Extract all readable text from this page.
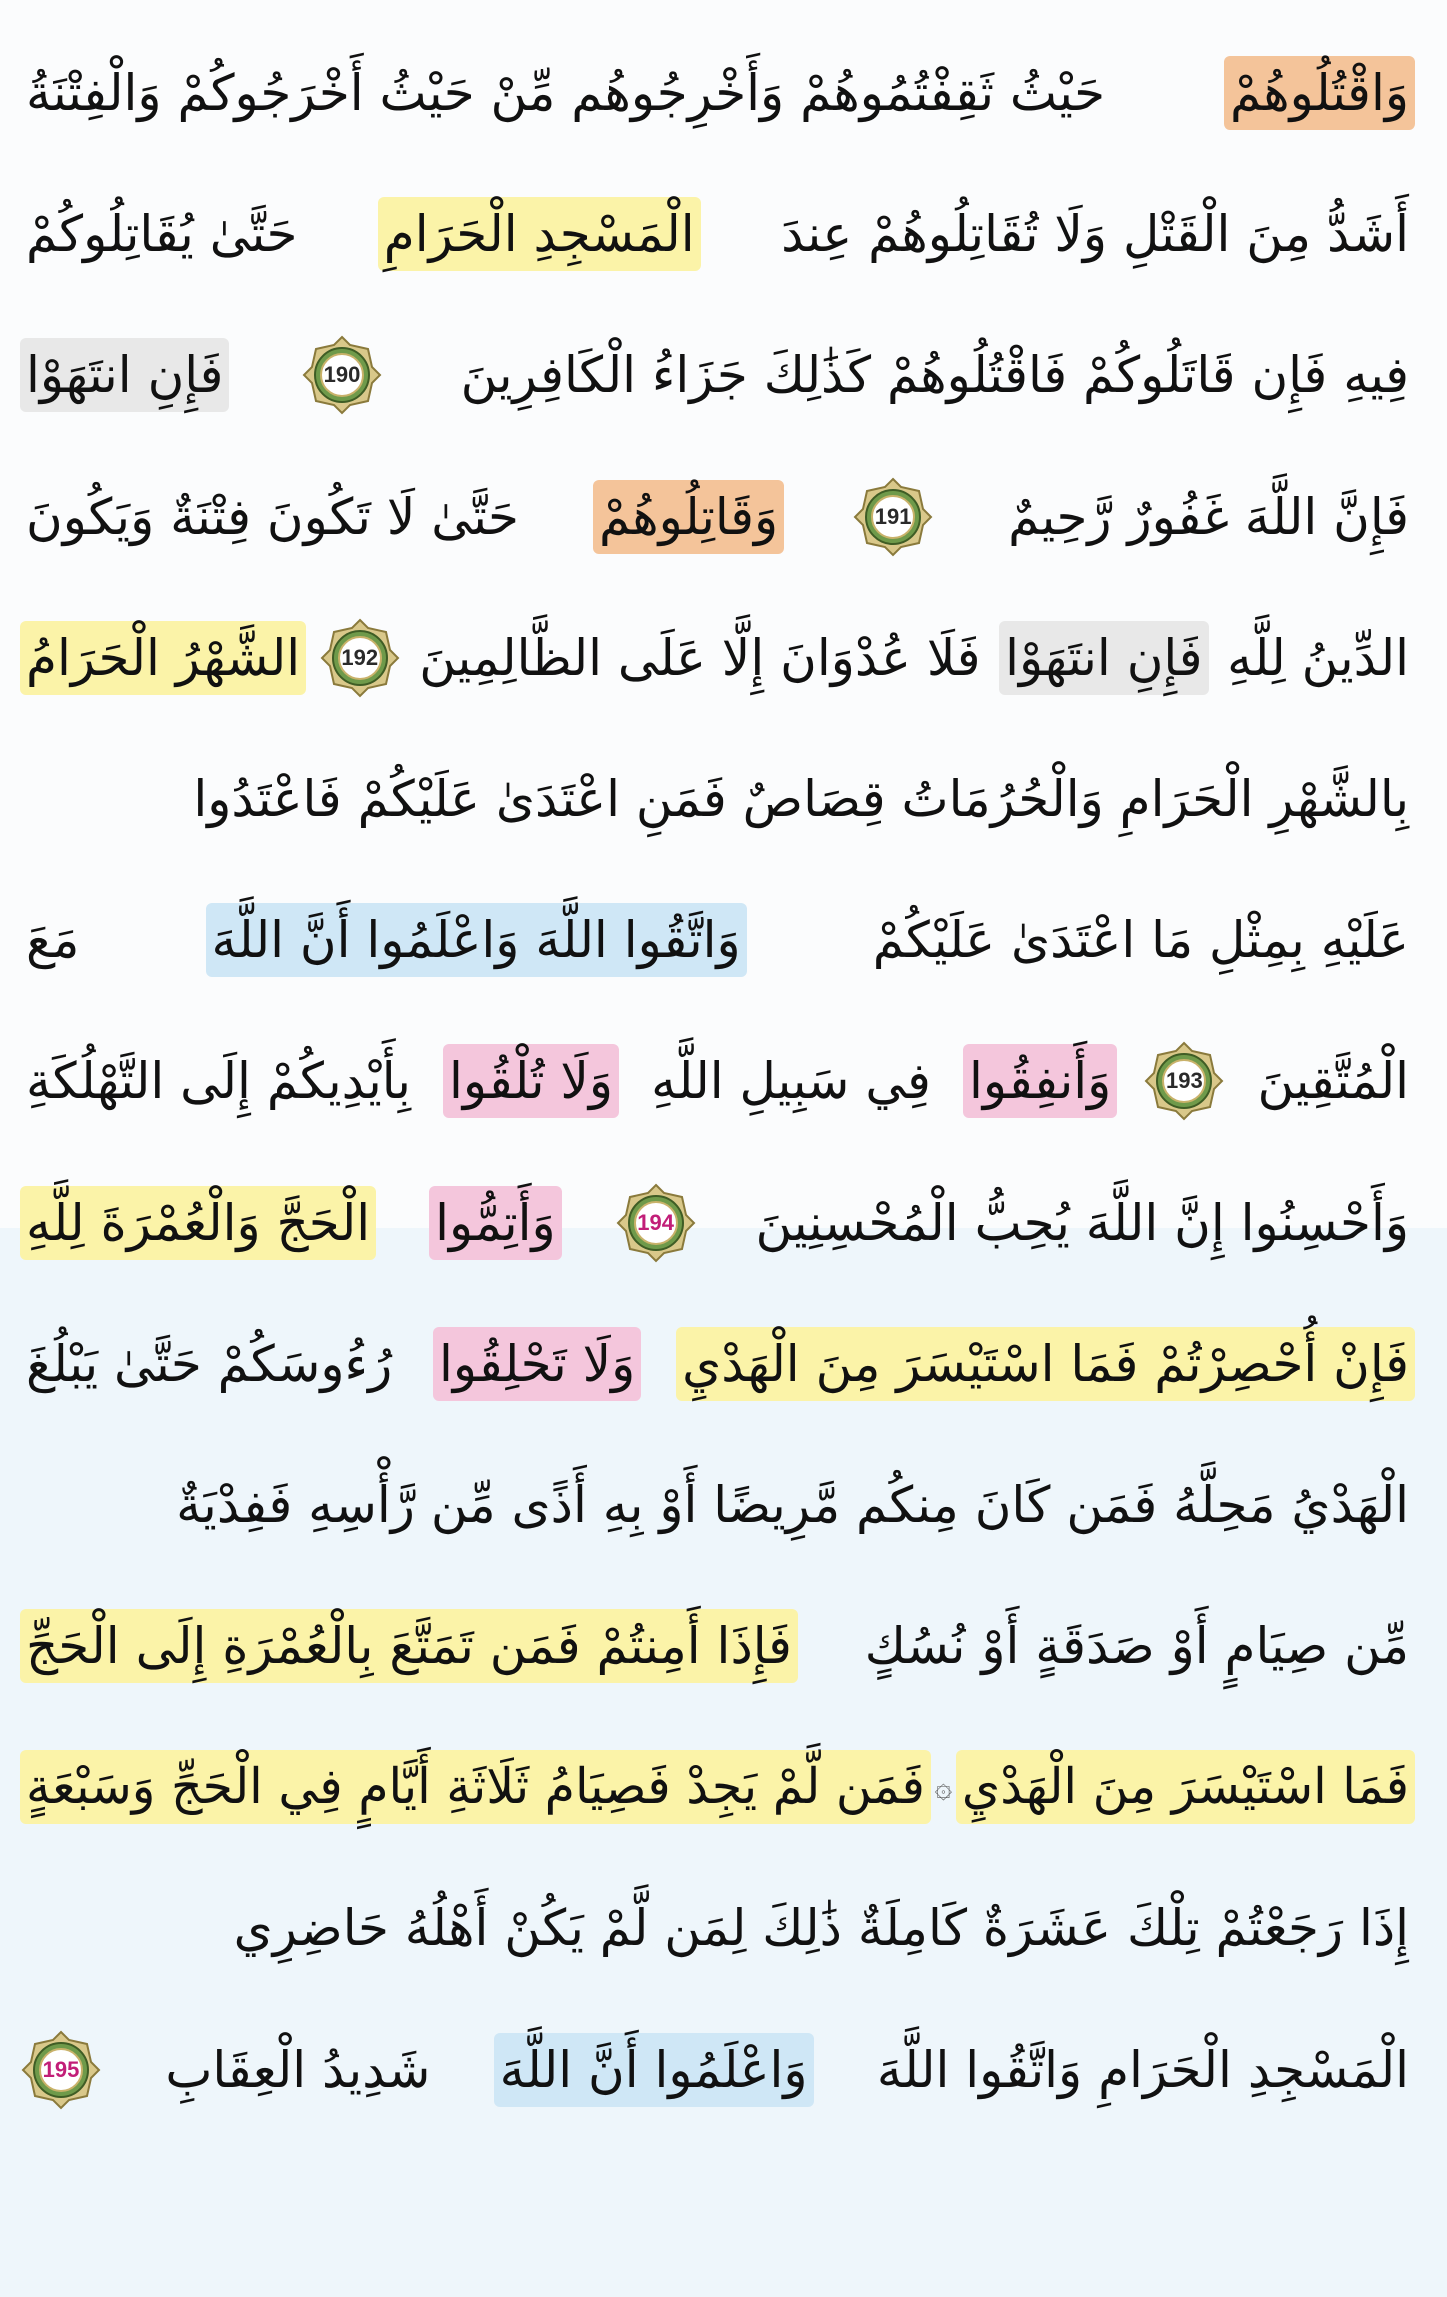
وَاقْتُلُوهُمْ
حَيْثُ ثَقِفْتُمُوهُمْ وَأَخْرِجُوهُم مِّنْ حَيْثُ أَخْرَجُوكُمْ وَالْفِتْنَةُ
أَشَدُّ مِنَ الْقَتْلِ وَلَا تُقَاتِلُوهُمْ عِندَ
الْمَسْجِدِ الْحَرَامِ
حَتَّىٰ يُقَاتِلُوكُمْ
فِيهِ فَإِن قَاتَلُوكُمْ فَاقْتُلُوهُمْ كَذَٰلِكَ جَزَاءُ الْكَافِرِينَ
190
فَإِنِ انتَهَوْا
فَإِنَّ اللَّهَ غَفُورٌ رَّحِيمٌ
191
وَقَاتِلُوهُمْ
حَتَّىٰ لَا تَكُونَ فِتْنَةٌ وَيَكُونَ
الدِّينُ لِلَّهِ
فَإِنِ انتَهَوْا
فَلَا عُدْوَانَ إِلَّا عَلَى الظَّالِمِينَ
192
الشَّهْرُ الْحَرَامُ
بِالشَّهْرِ الْحَرَامِ وَالْحُرُمَاتُ قِصَاصٌ فَمَنِ اعْتَدَىٰ عَلَيْكُمْ فَاعْتَدُوا
عَلَيْهِ بِمِثْلِ مَا اعْتَدَىٰ عَلَيْكُمْ
وَاتَّقُوا اللَّهَ وَاعْلَمُوا أَنَّ اللَّهَ
مَعَ
الْمُتَّقِينَ
193
وَأَنفِقُوا
فِي سَبِيلِ اللَّهِ
وَلَا تُلْقُوا
بِأَيْدِيكُمْ إِلَى التَّهْلُكَةِ
وَأَحْسِنُوا إِنَّ اللَّهَ يُحِبُّ الْمُحْسِنِينَ
194
وَأَتِمُّوا
الْحَجَّ وَالْعُمْرَةَ لِلَّهِ
فَإِنْ أُحْصِرْتُمْ فَمَا اسْتَيْسَرَ مِنَ الْهَدْيِ
وَلَا تَحْلِقُوا
رُءُوسَكُمْ حَتَّىٰ يَبْلُغَ
الْهَدْيُ مَحِلَّهُ فَمَن كَانَ مِنكُم مَّرِيضًا أَوْ بِهِ أَذًى مِّن رَّأْسِهِ فَفِدْيَةٌ
مِّن صِيَامٍ أَوْ صَدَقَةٍ أَوْ نُسُكٍ
فَإِذَا أَمِنتُمْ فَمَن تَمَتَّعَ بِالْعُمْرَةِ إِلَى الْحَجِّ
فَمَا اسْتَيْسَرَ مِنَ الْهَدْيِ
۞
فَمَن لَّمْ يَجِدْ فَصِيَامُ ثَلَاثَةِ أَيَّامٍ فِي الْحَجِّ وَسَبْعَةٍ
إِذَا رَجَعْتُمْ تِلْكَ عَشَرَةٌ كَامِلَةٌ ذَٰلِكَ لِمَن لَّمْ يَكُنْ أَهْلُهُ حَاضِرِي
الْمَسْجِدِ الْحَرَامِ وَاتَّقُوا اللَّهَ
وَاعْلَمُوا أَنَّ اللَّهَ
شَدِيدُ الْعِقَابِ
195
